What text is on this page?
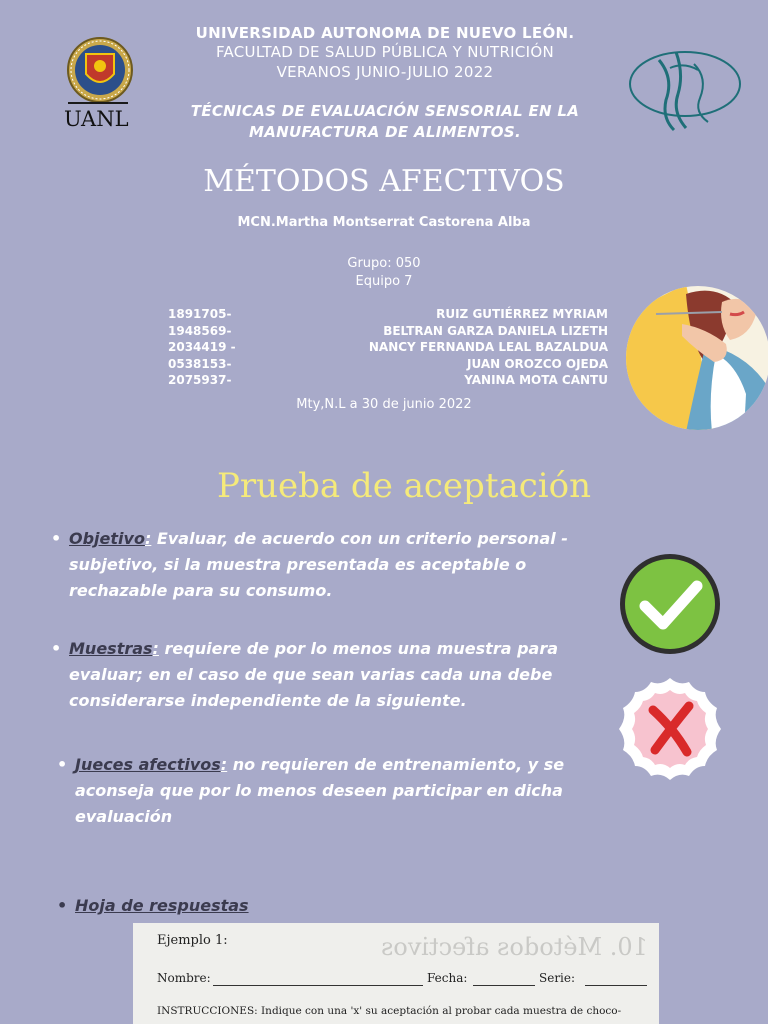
UANL
UNIVERSIDAD AUTONOMA DE NUEVO LEÓN.
FACULTAD DE SALUD PÚBLICA Y NUTRICIÓN
VERANOS JUNIO-JULIO 2022
TÉCNICAS DE EVALUACIÓN SENSORIAL EN LA
MANUFACTURA DE ALIMENTOS.
MÉTODOS AFECTIVOS
MCN.Martha Montserrat Castorena Alba
Grupo: 050
Equipo 7
1891705-
1948569-
2034419 -
0538153-
2075937-
RUIZ GUTIÉRREZ MYRIAM
BELTRAN GARZA DANIELA LIZETH
NANCY FERNANDA LEAL BAZALDUA
JUAN OROZCO OJEDA
YANINA MOTA CANTU
Mty,N.L a 30 de junio 2022
Prueba de aceptación
• Objetivo: Evaluar, de acuerdo con un criterio personal -
subjetivo, si la muestra presentada es aceptable o
rechazable para su consumo.
• Muestras: requiere de por lo menos una muestra para
evaluar; en el caso de que sean varias cada una debe
considerarse independiente de la siguiente.
• Jueces afectivos: no requieren de entrenamiento, y se
aconseja que por lo menos deseen participar en dicha
evaluación
• Hoja de respuestas
10. Métodos afectivos
Ejemplo 1:
Nombre:	Fecha:	Serie:
INSTRUCCIONES: Indique con una 'x' su aceptación al probar cada muestra de choco-
